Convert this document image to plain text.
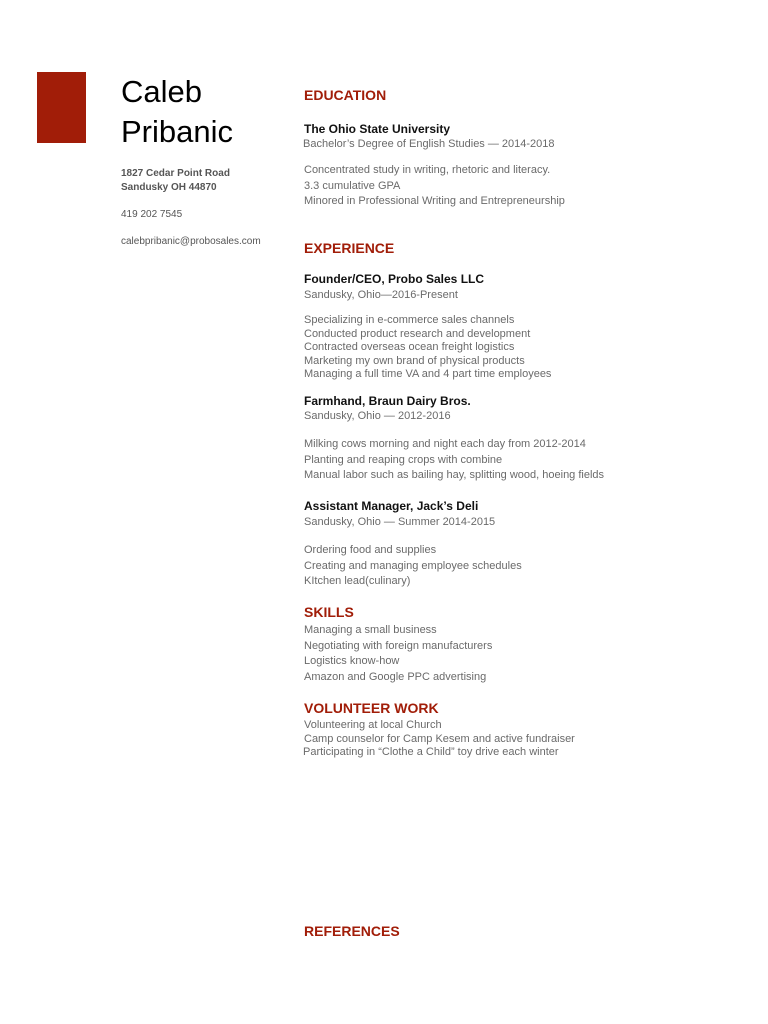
Caleb
Pribanic
1827 Cedar Point Road
Sandusky OH 44870
419 202 7545
calebpribanic@probosales.com
EDUCATION
The Ohio State University
Bachelor’s Degree of English Studies — 2014-2018
Concentrated study in writing, rhetoric and literacy.
3.3 cumulative GPA
Minored in Professional Writing and Entrepreneurship
EXPERIENCE
Founder/CEO, Probo Sales LLC
Sandusky, Ohio—2016-Present
Specializing in e-commerce sales channels
Conducted product research and development
Contracted overseas ocean freight logistics
Marketing my own brand of physical products
Managing a full time VA and 4 part time employees
Farmhand, Braun Dairy Bros.
Sandusky, Ohio — 2012-2016
Milking cows morning and night each day from 2012-2014
Planting and reaping crops with combine
Manual labor such as bailing hay, splitting wood, hoeing fields
Assistant Manager, Jack’s Deli
Sandusky, Ohio — Summer 2014-2015
Ordering food and supplies
Creating and managing employee schedules
KItchen lead(culinary)
SKILLS
Managing a small business
Negotiating with foreign manufacturers
Logistics know-how
Amazon and Google PPC advertising
VOLUNTEER WORK
Volunteering at local Church
Camp counselor for Camp Kesem and active fundraiser
Participating in “Clothe a Child” toy drive each winter
REFERENCES
